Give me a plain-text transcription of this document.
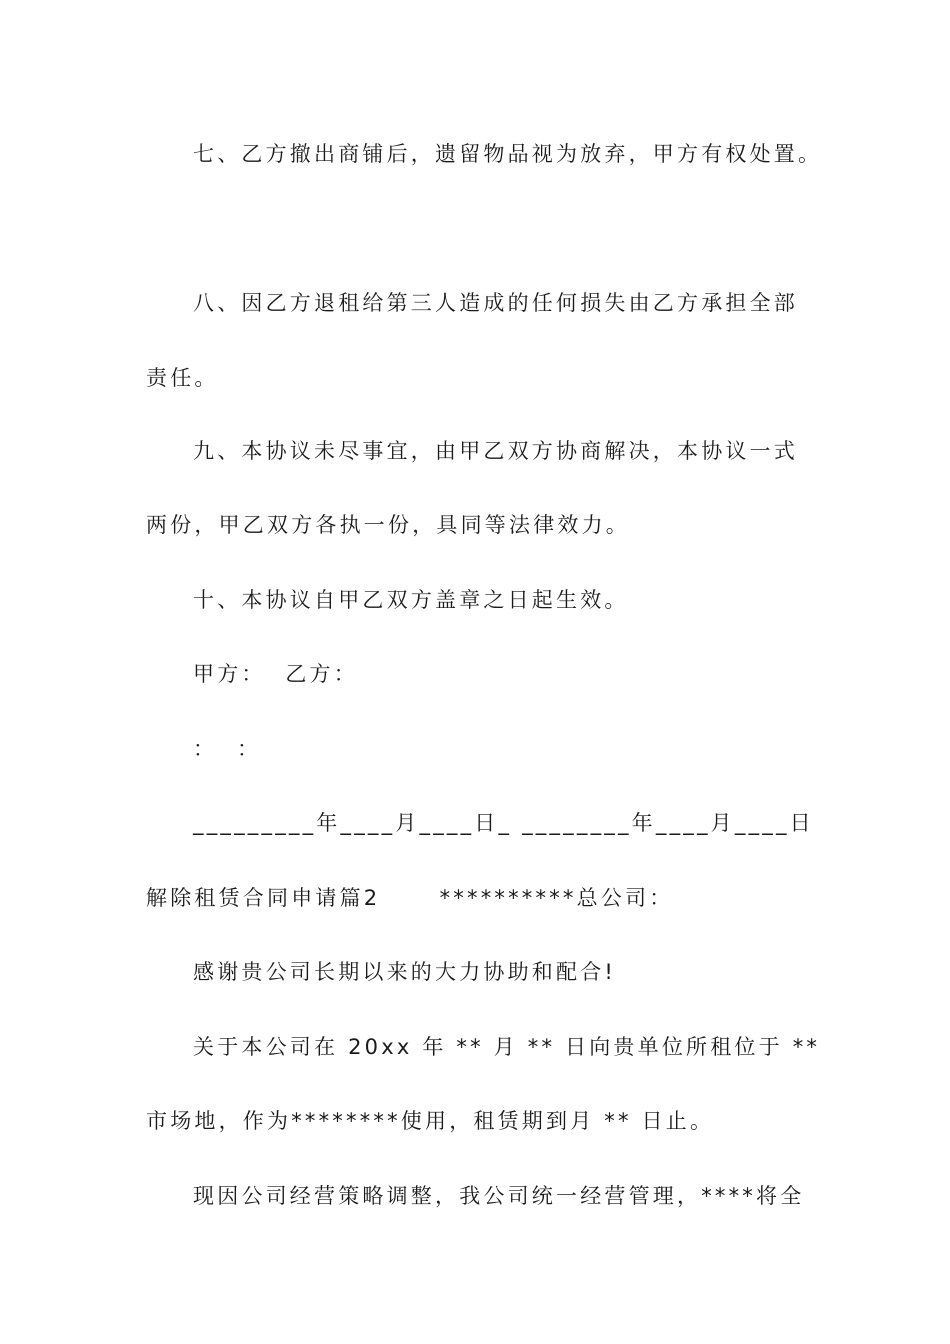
七、乙方撤出商铺后，遗留物品视为放弃，甲方有权处置。

八、因乙方退租给第三人造成的任何损失由乙方承担全部

责任。

九、本协议未尽事宜，由甲乙双方协商解决，本协议一式

两份，甲乙双方各执一份，具同等法律效力。

十、本协议自甲乙双方盖章之日起生效。

甲方：  乙方：

：  ：

_________年____月____日_ ________年____月____日

解除租赁合同申请篇2      **********总公司：

感谢贵公司长期以来的大力协助和配合!

关于本公司在 20xx 年 ** 月 ** 日向贵单位所租位于 **

市场地，作为********使用，租赁期到月 ** 日止。

现因公司经营策略调整，我公司统一经营管理，****将全
